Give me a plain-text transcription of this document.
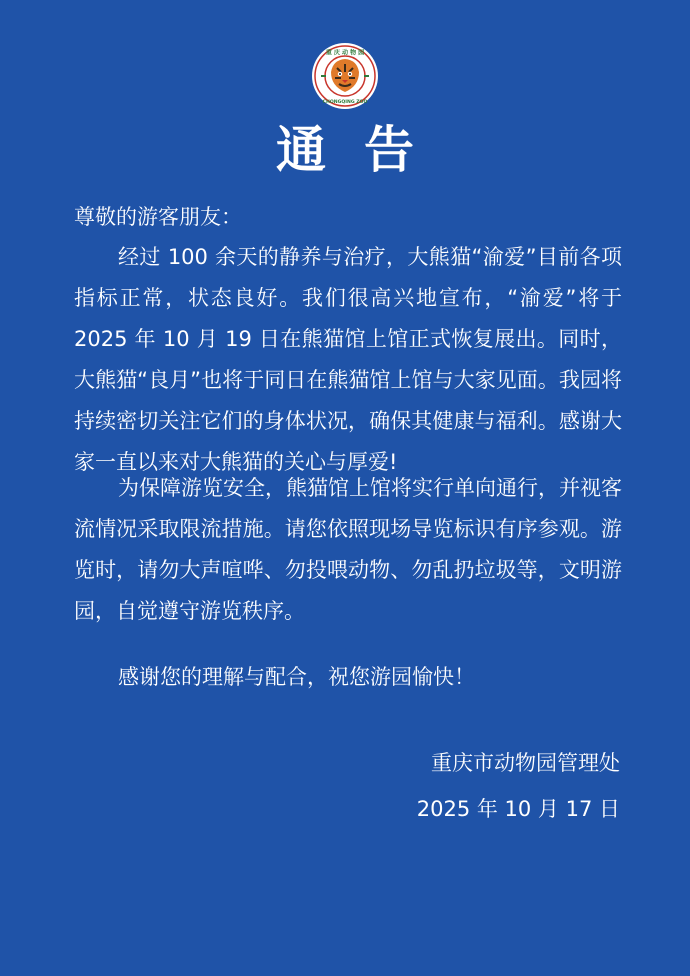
重 庆 动 物 园
CHONGQING ZOO
通告
尊敬的游客朋友：
经过 100 余天的静养与治疗，大熊猫“渝爱”目前各项指标正常，状态良好。我们很高兴地宣布，“渝爱”将于 2025 年 10 月 19 日在熊猫馆上馆正式恢复展出。同时，大熊猫“良月”也将于同日在熊猫馆上馆与大家见面。我园将持续密切关注它们的身体状况，确保其健康与福利。感谢大家一直以来对大熊猫的关心与厚爱!
为保障游览安全，熊猫馆上馆将实行单向通行，并视客流情况采取限流措施。请您依照现场导览标识有序参观。游览时，请勿大声喧哗、勿投喂动物、勿乱扔垃圾等，文明游园，自觉遵守游览秩序。
感谢您的理解与配合，祝您游园愉快！
重庆市动物园管理处
2025 年 10 月 17 日
